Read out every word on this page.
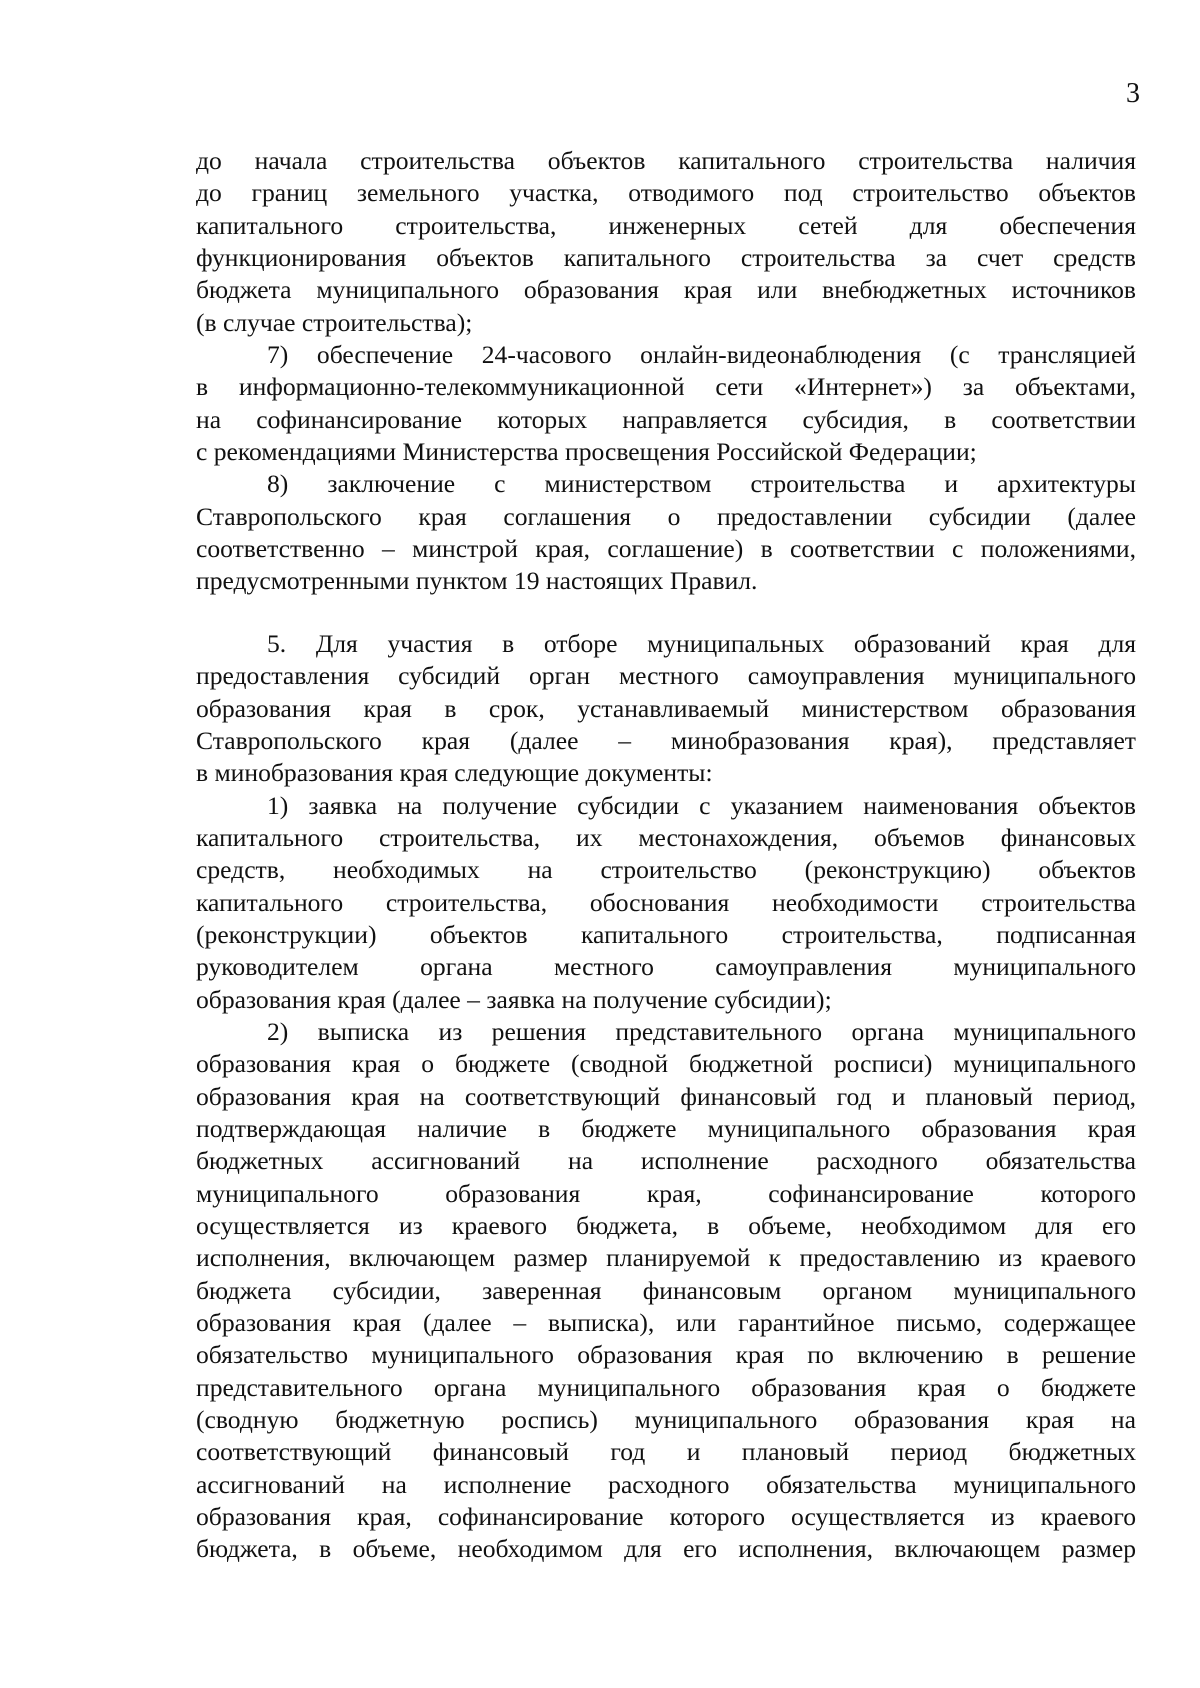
3
до начала строительства объектов капитального строительства наличия
до границ земельного участка, отводимого под строительство объектов
капитального строительства, инженерных сетей для обеспечения
функционирования объектов капитального строительства за счет средств
бюджета муниципального образования края или внебюджетных источников
(в случае строительства);
7) обеспечение 24-часового онлайн-видеонаблюдения (с трансляцией
в информационно-телекоммуникационной сети «Интернет») за объектами,
на софинансирование которых направляется субсидия, в соответствии
с рекомендациями Министерства просвещения Российской Федерации;
8) заключение с министерством строительства и архитектуры
Ставропольского края соглашения о предоставлении субсидии (далее
соответственно – минстрой края, соглашение) в соответствии с положениями,
предусмотренными пунктом 19 настоящих Правил.
5. Для участия в отборе муниципальных образований края для
предоставления субсидий орган местного самоуправления муниципального
образования края в срок, устанавливаемый министерством образования
Ставропольского края (далее – минобразования края), представляет
в минобразования края следующие документы:
1) заявка на получение субсидии с указанием наименования объектов
капитального строительства, их местонахождения, объемов финансовых
средств, необходимых на строительство (реконструкцию) объектов
капитального строительства, обоснования необходимости строительства
(реконструкции) объектов капитального строительства, подписанная
руководителем органа местного самоуправления муниципального
образования края (далее – заявка на получение субсидии);
2) выписка из решения представительного органа муниципального
образования края о бюджете (сводной бюджетной росписи) муниципального
образования края на соответствующий финансовый год и плановый период,
подтверждающая наличие в бюджете муниципального образования края
бюджетных ассигнований на исполнение расходного обязательства
муниципального образования края, софинансирование которого
осуществляется из краевого бюджета, в объеме, необходимом для его
исполнения, включающем размер планируемой к предоставлению из краевого
бюджета субсидии, заверенная финансовым органом муниципального
образования края (далее – выписка), или гарантийное письмо, содержащее
обязательство муниципального образования края по включению в решение
представительного органа муниципального образования края о бюджете
(сводную бюджетную роспись) муниципального образования края на
соответствующий финансовый год и плановый период бюджетных
ассигнований на исполнение расходного обязательства муниципального
образования края, софинансирование которого осуществляется из краевого
бюджета, в объеме, необходимом для его исполнения, включающем размер
